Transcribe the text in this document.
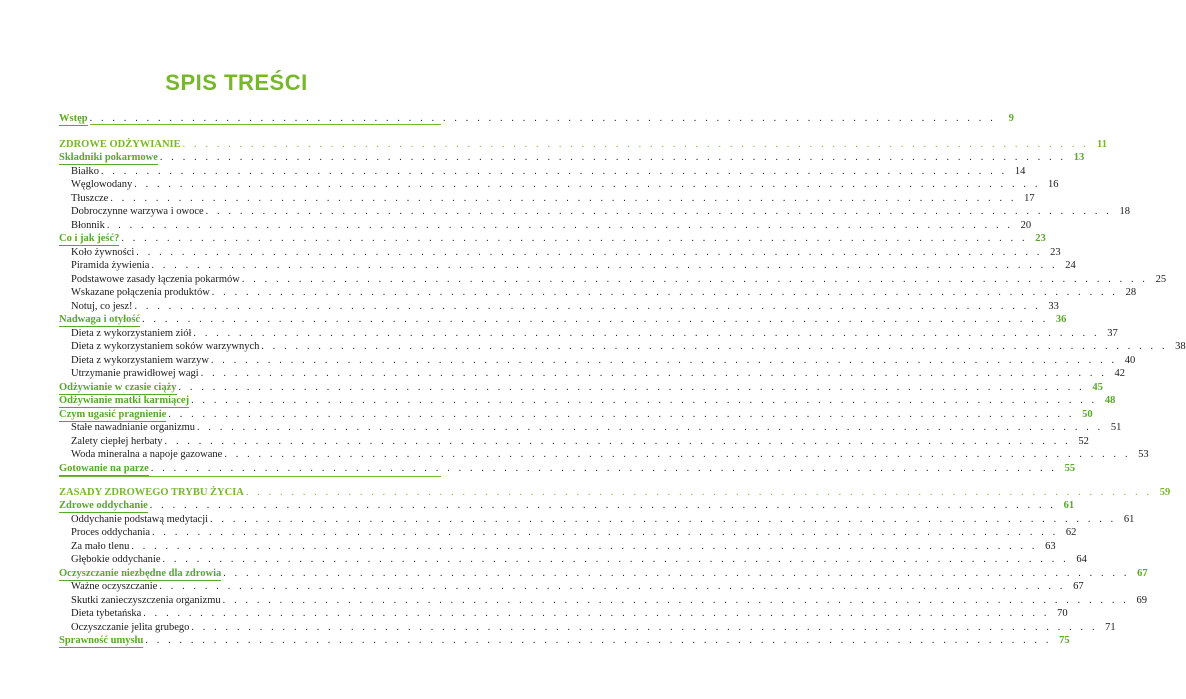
SPIS TREŚCI
Wstęp . . . . . . . . . . . . . . . . . . . . . . . . . . . . . . . . . . . . . . . . . . . . . . . . . . . . . . . . . . . . . . . . . . . . . . . . . . . . . . . .	9
ZDROWE ODŻYWIANIE . . . . . . . . . . . . . . . . . . . . . . . . . . . . . . . . . . . . . . . . . . . . . . . . . . . . . . . . . . . . . . . . . . . . . . . . . . . . . . . . 11
Składniki pokarmowe . . . . . . . . . . . . . . . . . . . . . . . . . . . . . . . . . . . . . . . . . . . . . . . . . . . . . . . . . . . . . . . . . . . . . . . . . . . . . . . . 13
Białko . . . . . . . . . . . . . . . . . . . . . . . . . . . . . . . . . . . . . . . . . . . . . . . . . . . . . . . . . . . . . . . . . . . . . . . . . . . . . . . . 14
Węglowodany . . . . . . . . . . . . . . . . . . . . . . . . . . . . . . . . . . . . . . . . . . . . . . . . . . . . . . . . . . . . . . . . . . . . . . . . . . . . . . . . 16
Tłuszcze . . . . . . . . . . . . . . . . . . . . . . . . . . . . . . . . . . . . . . . . . . . . . . . . . . . . . . . . . . . . . . . . . . . . . . . . . . . . . . . . 17
Dobroczynne warzywa i owoce . . . . . . . . . . . . . . . . . . . . . . . . . . . . . . . . . . . . . . . . . . . . . . . . . . . . . . . . . . . . . . . . . . . . . . . . . . . . . . . . 18
Błonnik . . . . . . . . . . . . . . . . . . . . . . . . . . . . . . . . . . . . . . . . . . . . . . . . . . . . . . . . . . . . . . . . . . . . . . . . . . . . . . . . 20
Co i jak jeść? . . . . . . . . . . . . . . . . . . . . . . . . . . . . . . . . . . . . . . . . . . . . . . . . . . . . . . . . . . . . . . . . . . . . . . . . . . . . . . . . 23
Koło żywności . . . . . . . . . . . . . . . . . . . . . . . . . . . . . . . . . . . . . . . . . . . . . . . . . . . . . . . . . . . . . . . . . . . . . . . . . . . . . . . . 23
Piramida żywienia . . . . . . . . . . . . . . . . . . . . . . . . . . . . . . . . . . . . . . . . . . . . . . . . . . . . . . . . . . . . . . . . . . . . . . . . . . . . . . . . 24
Podstawowe zasady łączenia pokarmów . . . . . . . . . . . . . . . . . . . . . . . . . . . . . . . . . . . . . . . . . . . . . . . . . . . . . . . . . . . . . . . . . . . . . . . . . . . . . . . . 25
Wskazane połączenia produktów . . . . . . . . . . . . . . . . . . . . . . . . . . . . . . . . . . . . . . . . . . . . . . . . . . . . . . . . . . . . . . . . . . . . . . . . . . . . . . . . 28
Notuj, co jesz! . . . . . . . . . . . . . . . . . . . . . . . . . . . . . . . . . . . . . . . . . . . . . . . . . . . . . . . . . . . . . . . . . . . . . . . . . . . . . . . . 33
Nadwaga i otyłość . . . . . . . . . . . . . . . . . . . . . . . . . . . . . . . . . . . . . . . . . . . . . . . . . . . . . . . . . . . . . . . . . . . . . . . . . . . . . . . . 36
Dieta z wykorzystaniem ziół . . . . . . . . . . . . . . . . . . . . . . . . . . . . . . . . . . . . . . . . . . . . . . . . . . . . . . . . . . . . . . . . . . . . . . . . . . . . . . . . 37
Dieta z wykorzystaniem soków warzywnych . . . . . . . . . . . . . . . . . . . . . . . . . . . . . . . . . . . . . . . . . . . . . . . . . . . . . . . . . . . . . . . . . . . . . . . . . . . . . . . . 38
Dieta z wykorzystaniem warzyw . . . . . . . . . . . . . . . . . . . . . . . . . . . . . . . . . . . . . . . . . . . . . . . . . . . . . . . . . . . . . . . . . . . . . . . . . . . . . . . . 40
Utrzymanie prawidłowej wagi . . . . . . . . . . . . . . . . . . . . . . . . . . . . . . . . . . . . . . . . . . . . . . . . . . . . . . . . . . . . . . . . . . . . . . . . . . . . . . . . 42
Odżywianie w czasie ciąży . . . . . . . . . . . . . . . . . . . . . . . . . . . . . . . . . . . . . . . . . . . . . . . . . . . . . . . . . . . . . . . . . . . . . . . . . . . . . . . . 45
Odżywianie matki karmiącej . . . . . . . . . . . . . . . . . . . . . . . . . . . . . . . . . . . . . . . . . . . . . . . . . . . . . . . . . . . . . . . . . . . . . . . . . . . . . . . . 48
Czym ugasić pragnienie . . . . . . . . . . . . . . . . . . . . . . . . . . . . . . . . . . . . . . . . . . . . . . . . . . . . . . . . . . . . . . . . . . . . . . . . . . . . . . . . 50
Stałe nawadnianie organizmu . . . . . . . . . . . . . . . . . . . . . . . . . . . . . . . . . . . . . . . . . . . . . . . . . . . . . . . . . . . . . . . . . . . . . . . . . . . . . . . . 51
Zalety ciepłej herbaty . . . . . . . . . . . . . . . . . . . . . . . . . . . . . . . . . . . . . . . . . . . . . . . . . . . . . . . . . . . . . . . . . . . . . . . . . . . . . . . . 52
Woda mineralna a napoje gazowane . . . . . . . . . . . . . . . . . . . . . . . . . . . . . . . . . . . . . . . . . . . . . . . . . . . . . . . . . . . . . . . . . . . . . . . . . . . . . . . . 53
Gotowanie na parze . . . . . . . . . . . . . . . . . . . . . . . . . . . . . . . . . . . . . . . . . . . . . . . . . . . . . . . . . . . . . . . . . . . . . . . . . . . . . . . . 55
ZASADY ZDROWEGO TRYBU ŻYCIA . . . . . . . . . . . . . . . . . . . . . . . . . . . . . . . . . . . . . . . . . . . . . . . . . . . . . . . . . . . . . . . . . . . . . . . . . . . . . . . . 59
Zdrowe oddychanie . . . . . . . . . . . . . . . . . . . . . . . . . . . . . . . . . . . . . . . . . . . . . . . . . . . . . . . . . . . . . . . . . . . . . . . . . . . . . . . . 61
Oddychanie podstawą medytacji . . . . . . . . . . . . . . . . . . . . . . . . . . . . . . . . . . . . . . . . . . . . . . . . . . . . . . . . . . . . . . . . . . . . . . . . . . . . . . . . 61
Proces oddychania . . . . . . . . . . . . . . . . . . . . . . . . . . . . . . . . . . . . . . . . . . . . . . . . . . . . . . . . . . . . . . . . . . . . . . . . . . . . . . . . 62
Za mało tlenu . . . . . . . . . . . . . . . . . . . . . . . . . . . . . . . . . . . . . . . . . . . . . . . . . . . . . . . . . . . . . . . . . . . . . . . . . . . . . . . . 63
Głębokie oddychanie . . . . . . . . . . . . . . . . . . . . . . . . . . . . . . . . . . . . . . . . . . . . . . . . . . . . . . . . . . . . . . . . . . . . . . . . . . . . . . . . 64
Oczyszczanie niezbędne dla zdrowia . . . . . . . . . . . . . . . . . . . . . . . . . . . . . . . . . . . . . . . . . . . . . . . . . . . . . . . . . . . . . . . . . . . . . . . . . . . . . . . . 67
Ważne oczyszczanie . . . . . . . . . . . . . . . . . . . . . . . . . . . . . . . . . . . . . . . . . . . . . . . . . . . . . . . . . . . . . . . . . . . . . . . . . . . . . . . . 67
Skutki zanieczyszczenia organizmu . . . . . . . . . . . . . . . . . . . . . . . . . . . . . . . . . . . . . . . . . . . . . . . . . . . . . . . . . . . . . . . . . . . . . . . . . . . . . . . . 69
Dieta tybetańska . . . . . . . . . . . . . . . . . . . . . . . . . . . . . . . . . . . . . . . . . . . . . . . . . . . . . . . . . . . . . . . . . . . . . . . . . . . . . . . . 70
Oczyszczanie jelita grubego . . . . . . . . . . . . . . . . . . . . . . . . . . . . . . . . . . . . . . . . . . . . . . . . . . . . . . . . . . . . . . . . . . . . . . . . . . . . . . . . 71
Sprawność umysłu . . . . . . . . . . . . . . . . . . . . . . . . . . . . . . . . . . . . . . . . . . . . . . . . . . . . . . . . . . . . . . . . . . . . . . . . . . . . . . . . 75
